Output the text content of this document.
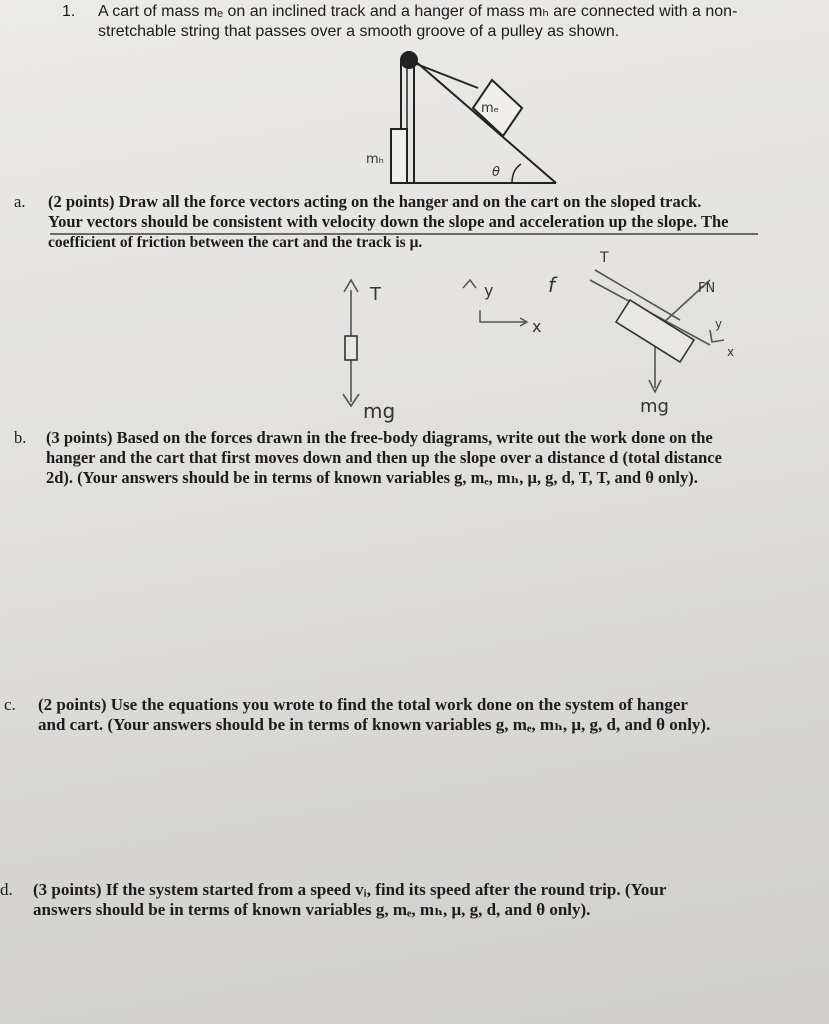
1. A cart of mass mₑ on an inclined track and a hanger of mass mₕ are connected with a non-
stretchable string that passes over a smooth groove of a pulley as shown.
mₑ
mₕ
θ
T
mg
y
x
f
T
FN
mg
y
x
a. (2 points) Draw all the force vectors acting on the hanger and on the cart on the sloped track.
Your vectors should be consistent with velocity down the slope and acceleration up the slope. The
coefficient of friction between the cart and the track is μ.
b. (3 points) Based on the forces drawn in the free-body diagrams, write out the work done on the
hanger and the cart that first moves down and then up the slope over a distance d (total distance
2d). (Your answers should be in terms of known variables g, mₑ, mₕ, μ, g, d, T, T, and θ only).
c. (2 points) Use the equations you wrote to find the total work done on the system of hanger
and cart. (Your answers should be in terms of known variables g, mₑ, mₕ, μ, g, d, and θ only).
d. (3 points) If the system started from a speed vᵢ, find its speed after the round trip. (Your
answers should be in terms of known variables g, mₑ, mₕ, μ, g, d, and θ only).
